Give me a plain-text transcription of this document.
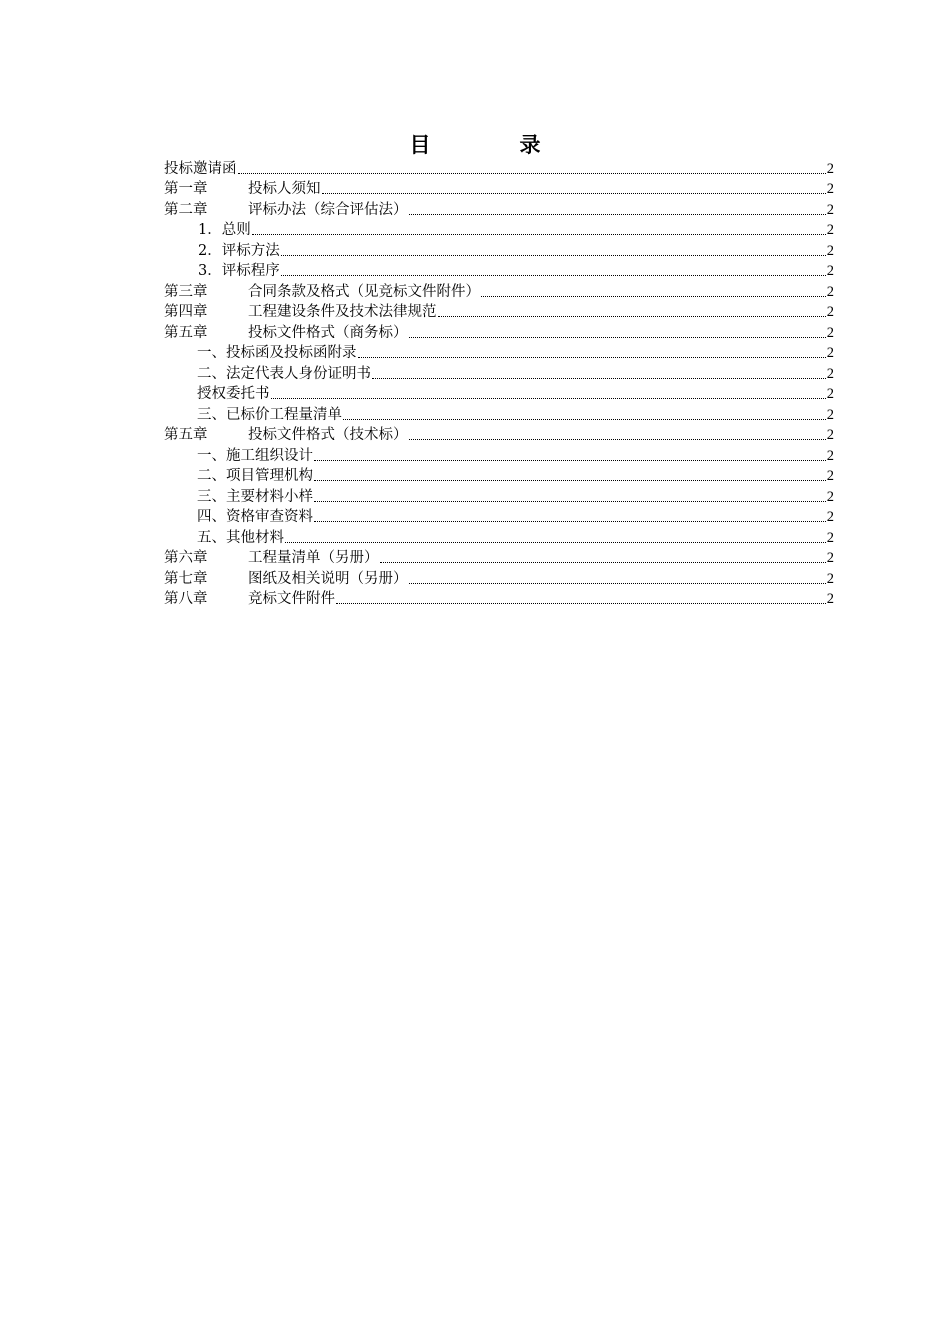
目　录
投标邀请函	2
第一章	投标人须知	2
第二章	评标办法（综合评估法）	2
1．总则	2
2．评标方法	2
3．评标程序	2
第三章	合同条款及格式（见竞标文件附件）	2
第四章	工程建设条件及技术法律规范	2
第五章	投标文件格式（商务标）	2
一、投标函及投标函附录	2
二、法定代表人身份证明书	2
授权委托书	2
三、已标价工程量清单	2
第五章	投标文件格式（技术标）	2
一、施工组织设计	2
二、项目管理机构	2
三、主要材料小样	2
四、资格审查资料	2
五、其他材料	2
第六章	工程量清单（另册）	2
第七章	图纸及相关说明（另册）	2
第八章	竞标文件附件	2
